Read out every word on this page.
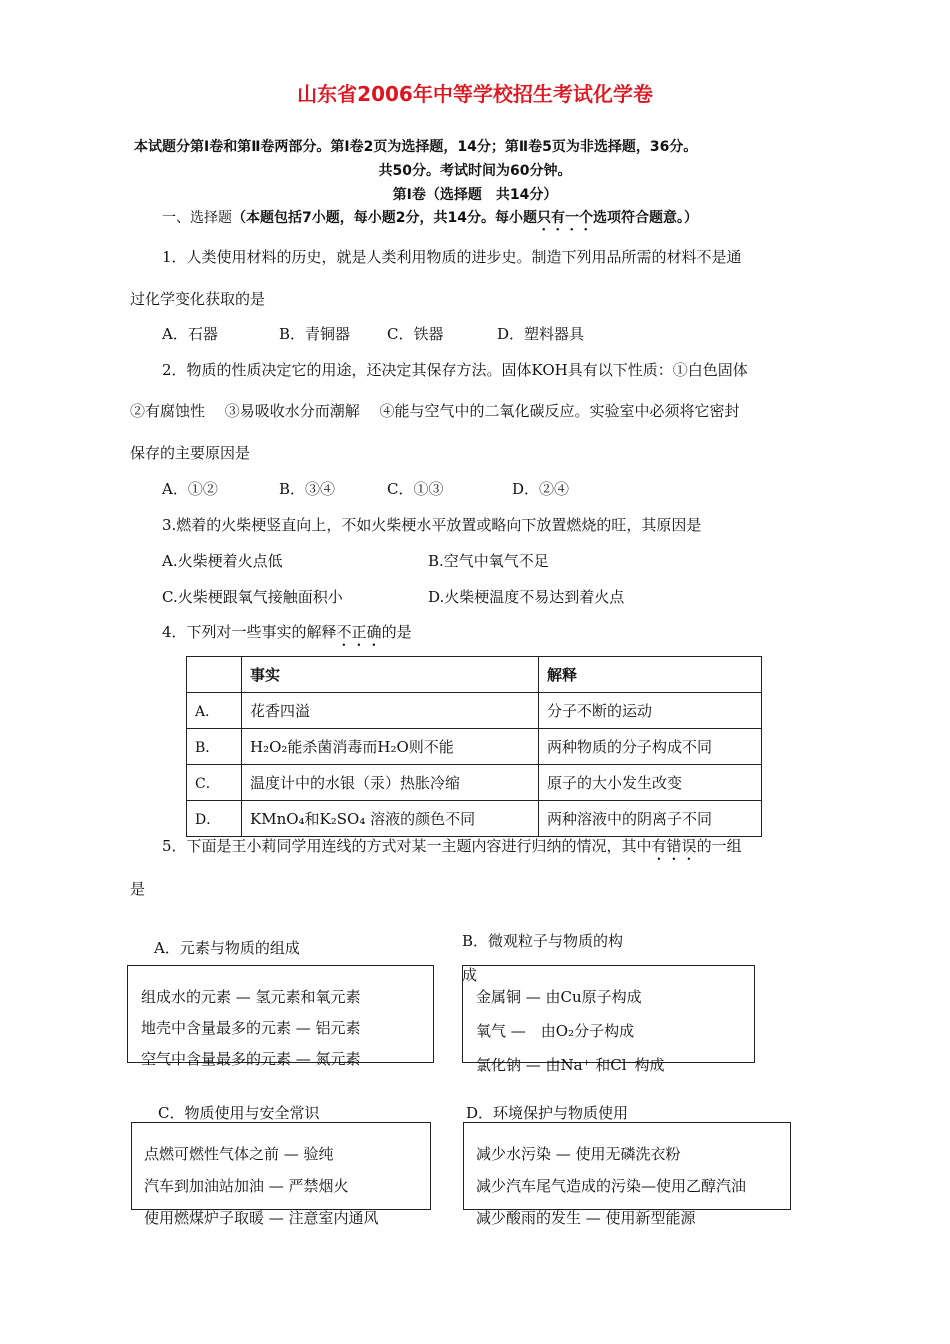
山东省2006年中等学校招生考试化学卷
本试题分第Ⅰ卷和第Ⅱ卷两部分。第Ⅰ卷2页为选择题，14分；第Ⅱ卷5页为非选择题，36分。
共50分。考试时间为60分钟。
第Ⅰ卷（选择题　共14分）
一、选择题（本题包括7小题，每小题2分，共14分。每小题只有一个选项符合题意。）
1．人类使用材料的历史，就是人类利用物质的进步史。制造下列用品所需的材料不是通
过化学变化获取的是
A．石器	B．青铜器 C．铁器	D．塑料器具
2．物质的性质决定它的用途，还决定其保存方法。固体KOH具有以下性质：①白色固体
②有腐蚀性　 ③易吸收水分而潮解　 ④能与空气中的二氧化碳反应。实验室中必须将它密封
保存的主要原因是
A．①②	B．③④	C．①③	D．②④
3.燃着的火柴梗竖直向上，不如火柴梗水平放置或略向下放置燃烧的旺，其原因是
A.火柴梗着火点低	B.空气中氧气不足
C.火柴梗跟氧气接触面积小	D.火柴梗温度不易达到着火点
4．下列对一些事实的解释不正确的是
	事实	解释
A．	花香四溢	分子不断的运动
B．	H₂O₂能杀菌消毒而H₂O则不能	两种物质的分子构成不同
C．	温度计中的水银（汞）热胀冷缩	原子的大小发生改变
D．	KMnO₄和K₂SO₄ 溶液的颜色不同	两种溶液中的阴离子不同
5．下面是王小莉同学用连线的方式对某一主题内容进行归纳的情况，其中有错误的一组
是
A．元素与物质的组成
组成水的元素 — 氢元素和氧元素
地壳中含量最多的元素 — 铝元素
空气中含量最多的元素 — 氮元素
B．微观粒子与物质的构
成
金属铜 — 由Cu原子构成
氧气 —　由O₂分子构成
氯化钠 — 由Na⁺ 和Cl⁻构成
C．物质使用与安全常识
点燃可燃性气体之前 — 验纯
汽车到加油站加油 — 严禁烟火
使用燃煤炉子取暖 — 注意室内通风
D．环境保护与物质使用
减少水污染 — 使用无磷洗衣粉
减少汽车尾气造成的污染—使用乙醇汽油
减少酸雨的发生 — 使用新型能源
